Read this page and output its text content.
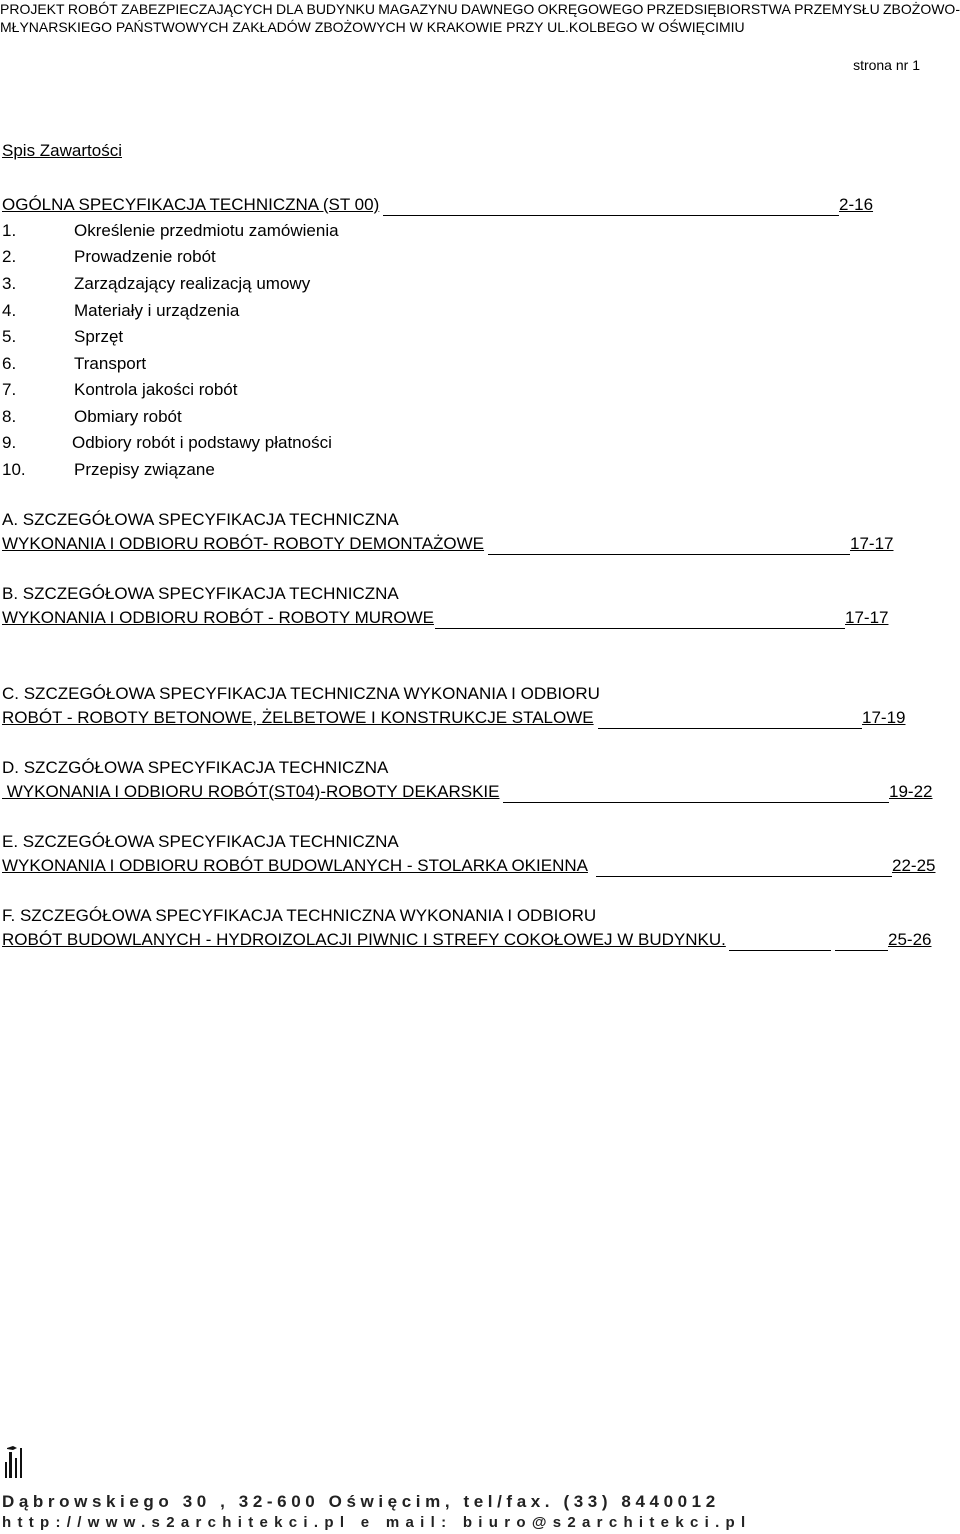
PROJEKT ROBÓT ZABEZPIECZAJĄCYCH DLA BUDYNKU MAGAZYNU DAWNEGO OKRĘGOWEGO PRZEDSIĘBIORSTWA PRZEMYSŁU ZBOŻOWO-
MŁYNARSKIEGO PAŃSTWOWYCH ZAKŁADÓW ZBOŻOWYCH W KRAKOWIE PRZY UL.KOLBEGO W OŚWIĘCIMIU
strona nr 1
Spis Zawartości
OGÓLNA SPECYFIKACJA TECHNICZNA (ST 00)	2-16
1.	Określenie przedmiotu zamówienia
2.	Prowadzenie robót
3.	Zarządzający realizacją umowy
4.	Materiały i urządzenia
5.	Sprzęt
6.	Transport
7.	Kontrola jakości robót
8.	Obmiary robót
9.	Odbiory robót i podstawy płatności
10.	Przepisy związane
A. SZCZEGÓŁOWA SPECYFIKACJA TECHNICZNA
WYKONANIA I ODBIORU ROBÓT- ROBOTY DEMONTAŻOWE	17-17
B. SZCZEGÓŁOWA SPECYFIKACJA TECHNICZNA
WYKONANIA I ODBIORU ROBÓT - ROBOTY MUROWE	17-17
C. SZCZEGÓŁOWA SPECYFIKACJA TECHNICZNA WYKONANIA I ODBIORU
ROBÓT - ROBOTY BETONOWE, ŻELBETOWE I KONSTRUKCJE STALOWE	17-19
D. SZCZGÓŁOWA SPECYFIKACJA TECHNICZNA
WYKONANIA I ODBIORU ROBÓT(ST04)-ROBOTY DEKARSKIE	19-22
E. SZCZEGÓŁOWA SPECYFIKACJA TECHNICZNA
WYKONANIA I ODBIORU ROBÓT BUDOWLANYCH - STOLARKA OKIENNA	22-25
F. SZCZEGÓŁOWA SPECYFIKACJA TECHNICZNA WYKONANIA I ODBIORU
ROBÓT BUDOWLANYCH - HYDROIZOLACJI PIWNIC I STREFY COKOŁOWEJ W BUDYNKU.	25-26
Dąbrowskiego 30 , 32-600 Oświęcim, tel/fax. (33) 8440012
http://www.s2architekci.pl e mail: biuro@s2architekci.pl
